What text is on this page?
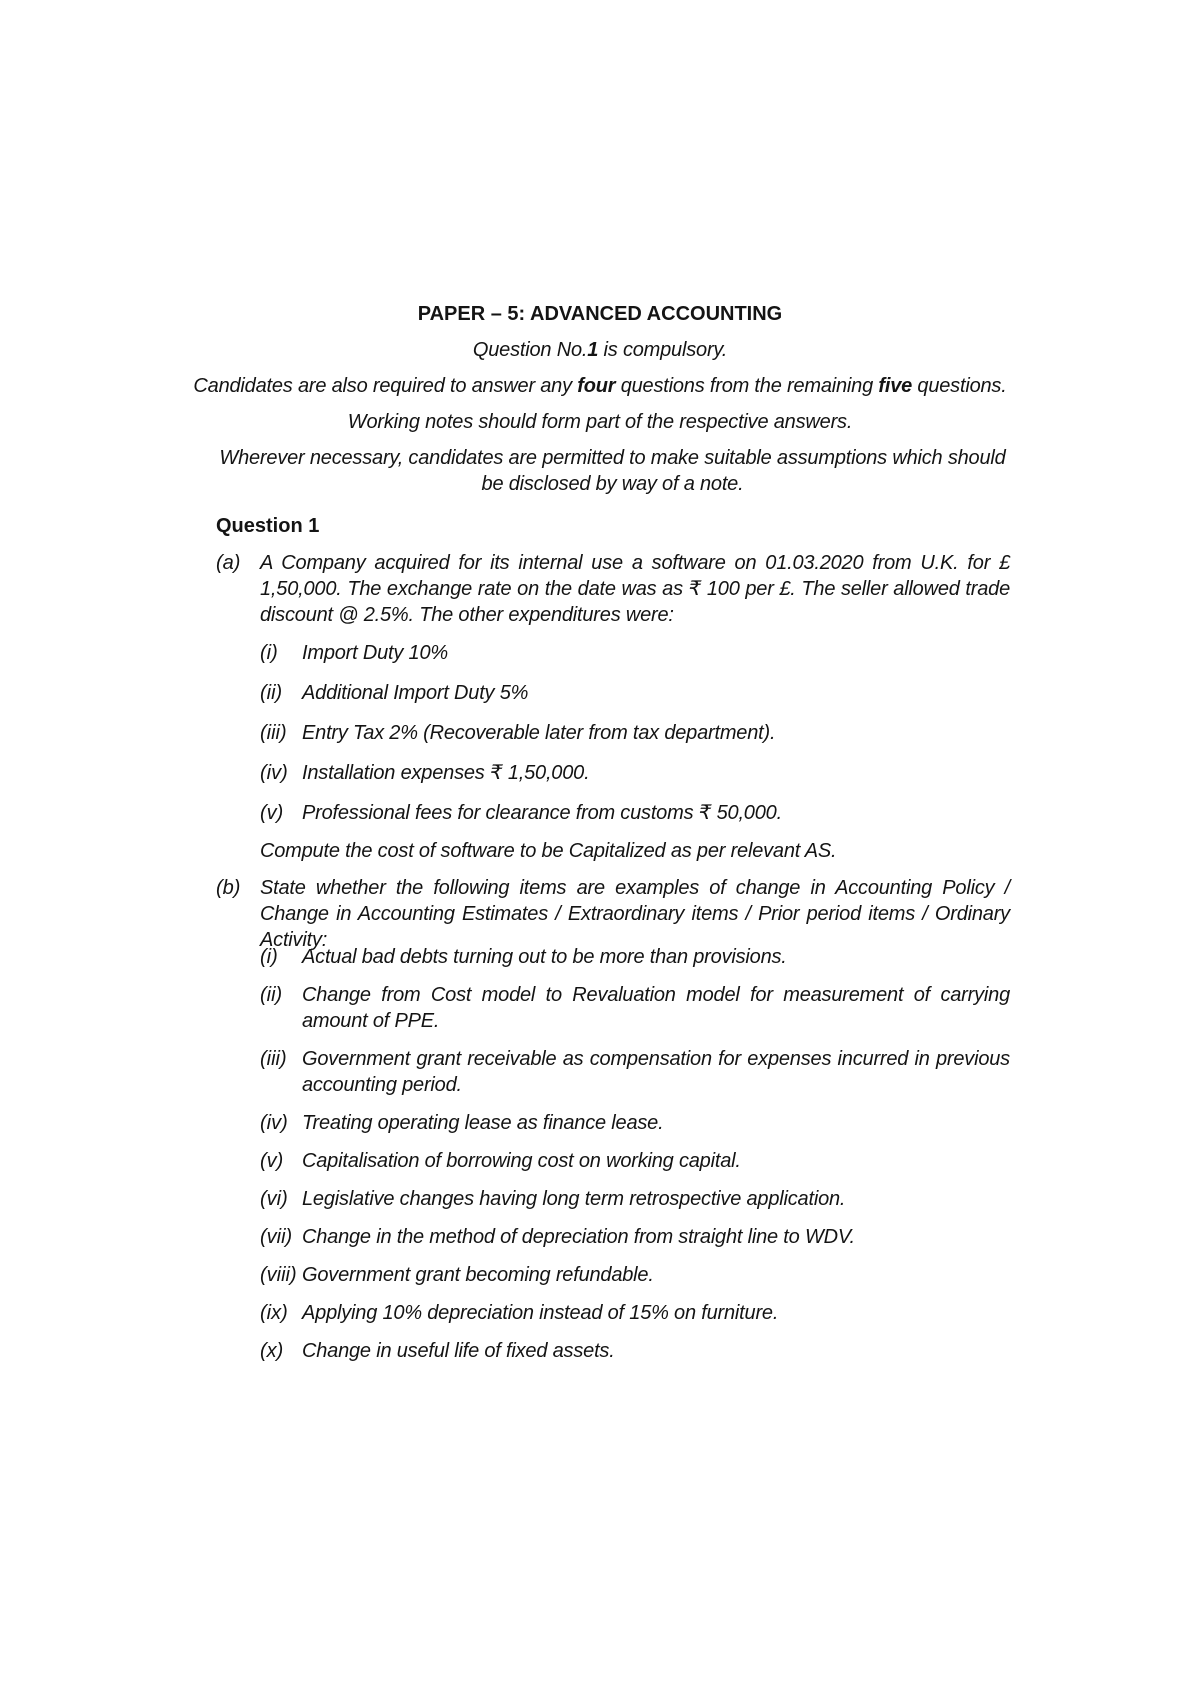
PAPER – 5: ADVANCED ACCOUNTING
Question No.1 is compulsory.
Candidates are also required to answer any four questions from the remaining five questions.
Working notes should form part of the respective answers.
Wherever necessary, candidates are permitted to make suitable assumptions which should be disclosed by way of a note.
Question 1
(a) A Company acquired for its internal use a software on 01.03.2020 from U.K. for £ 1,50,000. The exchange rate on the date was as ₹ 100 per £. The seller allowed trade discount @ 2.5%. The other expenditures were:
(i) Import Duty 10%
(ii) Additional Import Duty 5%
(iii) Entry Tax 2% (Recoverable later from tax department).
(iv) Installation expenses ₹ 1,50,000.
(v) Professional fees for clearance from customs ₹ 50,000.
Compute the cost of software to be Capitalized as per relevant AS.
(b) State whether the following items are examples of change in Accounting Policy / Change in Accounting Estimates / Extraordinary items / Prior period items / Ordinary Activity:
(i) Actual bad debts turning out to be more than provisions.
(ii) Change from Cost model to Revaluation model for measurement of carrying amount of PPE.
(iii) Government grant receivable as compensation for expenses incurred in previous accounting period.
(iv) Treating operating lease as finance lease.
(v) Capitalisation of borrowing cost on working capital.
(vi) Legislative changes having long term retrospective application.
(vii) Change in the method of depreciation from straight line to WDV.
(viii) Government grant becoming refundable.
(ix) Applying 10% depreciation instead of 15% on furniture.
(x) Change in useful life of fixed assets.
